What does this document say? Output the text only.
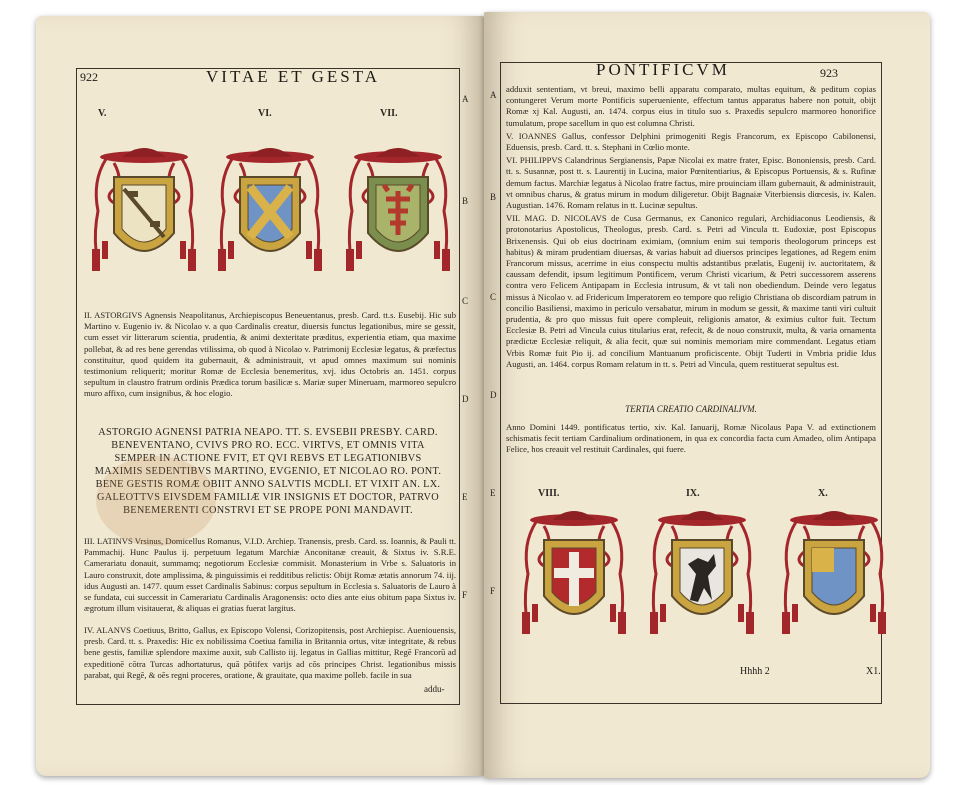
922	VITAE ET GESTA
V.	VI.	VII.

II. ASTORGIVS Agnensis Neapolitanus, Archiepiscopus Beneuentanus, presb. Card. tt.s. Eusebij. Hic sub Martino v. Eugenio iv. & Nicolao v. a quo Cardinalis creatur, diuersis functus legationibus, mire se gessit, cum esset vir litterarum scientia, prudentia, & animi dexteritate præditus, experientia etiam, qua maxime pollebat, & ad res bene gerendas vtilissima, ob quod à Nicolao v. Patrimonij Ecclesiæ legatus, & præfectus constituitur, quod quidem ita gubernauit, & administrauit, vt apud omnes maximum sui nominis testimonium reliquerit; moritur Romæ de Ecclesia benemeritus, xvj. idus Octobris an. 1451. corpus sepultum in claustro fratrum ordinis Prædica torum basilicæ s. Mariæ super Mineruam, marmoreo sepulcro muro affixo, cum insignibus, & hoc elogio.

ASTORGIO AGNENSI PATRIA NEAPO. TT. S. EVSEBII PRESBY. CARD. BENEVENTANO, CVIVS PRO RO. ECC. VIRTVS, ET OMNIS VITA SEMPER IN ACTIONE FVIT, ET QVI REBVS ET LEGATIONIBVS MAXIMIS SEDENTIBVS MARTINO, EVGENIO, ET NICOLAO RO. PONT. BENE GESTIS ROMÆ OBIIT ANNO SALVTIS MCDLI. ET VIXIT AN. LX. GALEOTTVS EIVSDEM FAMILIÆ VIR INSIGNIS ET DOCTOR, PATRVO BENEMERENTI CONSTRVI ET SE PROPE PONI MANDAVIT.

III. LATINVS Vrsinus, Domicellus Romanus, V.I.D. Archiep. Tranensis, presb. Card. ss. Ioannis, & Pauli tt. Pammachij. Hunc Paulus ij. perpetuum legatum Marchiæ Anconitanæ creauit, & Sixtus iv. S.R.E. Camerariatu donauit, summamq; negotiorum Ecclesiæ commisit. Monasterium in Vrbe s. Saluatoris in Lauro construxit, dote amplissima, & pinguissimis ei redditibus relictis: Obijt Romæ ætatis annorum 74. iij. idus Augusti an. 1477. quum esset Cardinalis Sabinus: corpus sepultum in Ecclesia s. Saluatoris de Lauro à se fundata, cui successit in Camerariatu Cardinalis Aragonensis: octo dies ante eius obitum papa Sixtus iv. ægrotum illum visitauerat, & aliquas ei gratias fuerat largitus.

IV. ALANVS Coetiuus, Britto, Gallus, ex Episcopo Volensi, Corizopitensis, post Archiepisc. Aueniouensis, presb. Card. tt. s. Praxedis: Hic ex nobilissima Coetiua familia in Britannia ortus, vitæ integritate, & rebus bene gestis, familiæ splendore maxime auxit, sub Callisto iij. legatus in Gallias mittitur, Regē Francorū ad expeditionē cōtra Turcas adhortaturus, quā pōtifex varijs ad cōs principes Christ. legationibus missis parabat, qui Regē, & oēs regni proceres, oratione, & grauitate, qua maxime polleb. facile in sua

addu-
A
B
C
D
E
F
PONTIFICVM	923
A
B
C
D
E
F

adduxit sententiam, vt breui, maximo belli apparatu comparato, multas equitum, & peditum copias contungeret Verum morte Pontificis superueniente, effectum tantus apparatus habere non potuit, obijt Romæ xj Kal. Augusti, an. 1474. corpus eius in titulo suo s. Praxedis sepulcro marmoreo honorifice tumulatum, prope sacellum in quo est columna Christi.

V. IOANNES Gallus, confessor Delphini primogeniti Regis Francorum, ex Episcopo Cabilonensi, Eduensis, presb. Card. tt. s. Stephani in Cœlio monte.

VI. PHILIPPVS Calandrinus Sergianensis, Papæ Nicolai ex matre frater, Episc. Bononiensis, presb. Card. tt. s. Susannæ, post tt. s. Laurentij in Lucina, maior Pœnitentiarius, & Episcopus Portuensis, & s. Rufinæ demum factus. Marchiæ legatus à Nicolao fratre factus, mire prouinciam illam gubernauit, & administrauit, vt omnibus charus, & gratus mirum in modum diligeretur. Obijt Bagnaiæ Viterbiensis diœcesis, iv. Kalen. Augustian. 1476. Romam relatus in tt. Lucinæ sepultus.

VII. MAG. D. NICOLAVS de Cusa Germanus, ex Canonico regulari, Archidiaconus Leodiensis, & protonotarius Apostolicus, Theologus, presb. Card. s. Petri ad Vincula tt. Eudoxiæ, post Episcopus Brixenensis. Qui ob eius doctrinam eximiam, (omnium enim sui temporis theologorum princeps est habitus) & miram prudentiam diuersas, & varias habuit ad diuersos principes legationes, ad Regem enim Francorum missus, acerrime in eius conspectu multis adstantibus prælatis, Eugenij iv. auctoritatem, & caussam defendit, ipsum legitimum Pontificem, verum Christi vicarium, & Petri successorem asserens contra vero Felicem Antipapam in Ecclesia intrusum, & vt tali non obediendum. Deinde vero legatus missus à Nicolao v. ad Fridericum Imperatorem eo tempore quo religio Christiana ob discordiam patrum in concilio Basiliensi, maximo in periculo versabatur, mirum in modum se gessit, & maxime tanti viri cultuit prudentia, & pro quo missus fuit opere compleuit, religionis amator, & eximius cultor fuit. Tectum Ecclesiæ B. Petri ad Vincula cuius titularius erat, refecit, & de nouo construxit, multa, & varia ornamenta prædictæ Ecclesiæ reliquit, & alia fecit, quæ sui nominis memoriam mire commendant. Legatus etiam Vrbis Romæ fuit Pio ij. ad concilium Mantuanum proficiscente. Obijt Tuderti in Vmbria pridie Idus Augusti, an. 1464. corpus Romam relatum in tt. s. Petri ad Vincula, quem restituerat sepultus est.

TERTIA CREATIO CARDINALIVM.

Anno Domini 1449. pontificatus tertio, xiv. Kal. Ianuarij, Romæ Nicolaus Papa V. ad extinctionem schismatis fecit tertiam Cardinalium ordinationem, in qua ex concordia facta cum Amadeo, olim Antipapa Felice, hos creauit vel restituit Cardinales, qui fuere.

VIII.	IX.	X.
Hhhh 2	X1.
